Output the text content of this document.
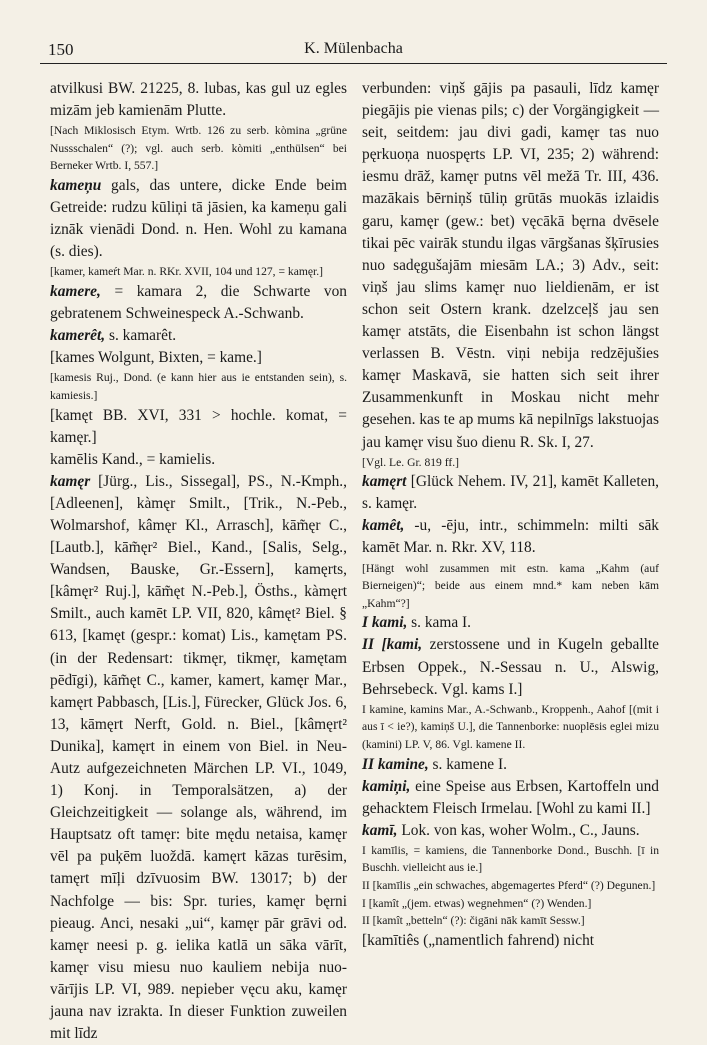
150	K. Mülenbacha

atvilkusi BW. 21225, 8. lubas, kas gul uz egles mizām jeb kamienām Plutte.

[Nach Miklosisch Etym. Wrtb. 126 zu serb. kòmina „grüne Nussschalen“ (?); vgl. auch serb. kòmiti „enthülsen“ bei Berneker Wrtb. I, 557.]

kameņu gals, das untere, dicke Ende beim Getreide: rudzu kūliņi tā jāsien, ka kameņu gali iznāk vienādi Dond. n. Hen. Wohl zu kamana (s. dies).

[kamer, kameŕt Mar. n. RKr. XVII, 104 und 127, = kamęr.]

kamere, = kamara 2, die Schwarte von gebratenem Schweinespeck A.-Schwanb.

kamerêt, s. kamarêt.

[kames Wolgunt, Bixten, = kame.]

[kamesis Ruj., Dond. (e kann hier aus ie entstanden sein), s. kamiesis.]

[kamęt BB. XVI, 331 > hochle. komat, = kamęr.]

kamēlis Kand., = kamielis.

kamęr [Jürg., Lis., Sissegal], PS., N.-Kmph., [Adleenen], kàmęr Smilt., [Trik., N.-Peb., Wolmarshof, kâmęr Kl., Arrasch], kām̃ęr C., [Lautb.], kām̃ęr² Biel., Kand., [Salis, Selg., Wandsen, Bauske, Gr.-Essern], kamęrts, [kâmęr² Ruj.], kām̃ęt N.-Peb.], Ösths., kàmęrt Smilt., auch kamēt LP. VII, 820, kâmęt² Biel. § 613, [kamęt (gespr.: komat) Lis., kamętam PS. (in der Redensart: tikmęr, tikmęr, kamętam pēdīgi), kām̃ęt C., kamer, kamert, kamęr Mar., kamęrt Pabbasch, [Lis.], Fürecker, Glück Jos. 6, 13, kāmęrt Nerft, Gold. n. Biel., [kâmęrt² Dunika], kamęrt in einem von Biel. in Neu-Autz aufgezeichneten Märchen LP. VI., 1049, 1) Konj. in Temporalsätzen, a) der Gleichzeitigkeit — solange als, während, im Hauptsatz oft tamęr: bite mędu netaisa, kamęr vēl pa puķēm luoždā. kamęrt kāzas turēsim, tamęrt mīļi dzīvuosim BW. 13017; b) der Nachfolge — bis: Spr. turies, kamęr bęrni pieaug. Anci, nesaki „ui“, kamęr pār grāvi od. kamęr neesi p. g. ielika katlā un sāka vārīt, kamęr visu miesu nuo kauliem nebija nuo-vārījis LP. VI, 989. nepieber vęcu aku, kamęr jauna nav izrakta. In dieser Funktion zuweilen mit līdz

verbunden: viņš gājis pa pasauli, līdz kamęr piegājis pie vienas pils; c) der Vorgängigkeit — seit, seitdem: jau divi gadi, kamęr tas nuo pęrkuoņa nuospęrts LP. VI, 235; 2) während: iesmu drāž, kamęr putns vēl mežā Tr. III, 436. mazākais bērniņš tūliņ grūtās muokās izlaidis garu, kamęr (gew.: bet) vęcākā bęrna dvēsele tikai pēc vairāk stundu ilgas vārgšanas šķīrusies nuo sadęgušajām miesām LA.; 3) Adv., seit: viņš jau slims kamęr nuo lieldienām, er ist schon seit Ostern krank. dzelzceļš jau sen kamęr atstāts, die Eisenbahn ist schon längst verlassen B. Vēstn. viņi nebija redzējušies kamęr Maskavā, sie hatten sich seit ihrer Zusammenkunft in Moskau nicht mehr gesehen. kas te ap mums kā nepilnīgs lakstuojas jau kamęr visu šuo dienu R. Sk. I, 27.

[Vgl. Le. Gr. 819 ff.]

kamęrt [Glück Nehem. IV, 21], kamēt Kalleten, s. kamęr.

kamêt, -u, -ēju, intr., schimmeln: milti sāk kamēt Mar. n. Rkr. XV, 118.

[Hängt wohl zusammen mit estn. kama „Kahm (auf Bierneigen)“; beide aus einem mnd.* kam neben kām „Kahm“?]

I kami, s. kama I.

II [kami, zerstossene und in Kugeln geballte Erbsen Oppek., N.-Sessau n. U., Alswig, Behrsebeck. Vgl. kams I.]

I kamine, kamins Mar., A.-Schwanb., Kroppenh., Aahof [(mit i aus ī < ie?), kamiņš U.], die Tannenborke: nuoplēsis eglei mizu (kamini) LP. V, 86. Vgl. kamene II.

II kamine, s. kamene I.

kamiņi, eine Speise aus Erbsen, Kartoffeln und gehacktem Fleisch Irmelau. [Wohl zu kami II.]

kamī, Lok. von kas, woher Wolm., C., Jauns.

I kamīlis, = kamiens, die Tannenborke Dond., Buschh. [ī in Buschh. vielleicht aus ie.]

II [kamīlis „ein schwaches, abgemagertes Pferd“ (?) Degunen.]

I [kamît „(jem. etwas) wegnehmen“ (?) Wenden.]

II [kamît „betteln“ (?): čigāni nāk kamīt Sessw.]

[kamītiês („namentlich fahrend) nicht
